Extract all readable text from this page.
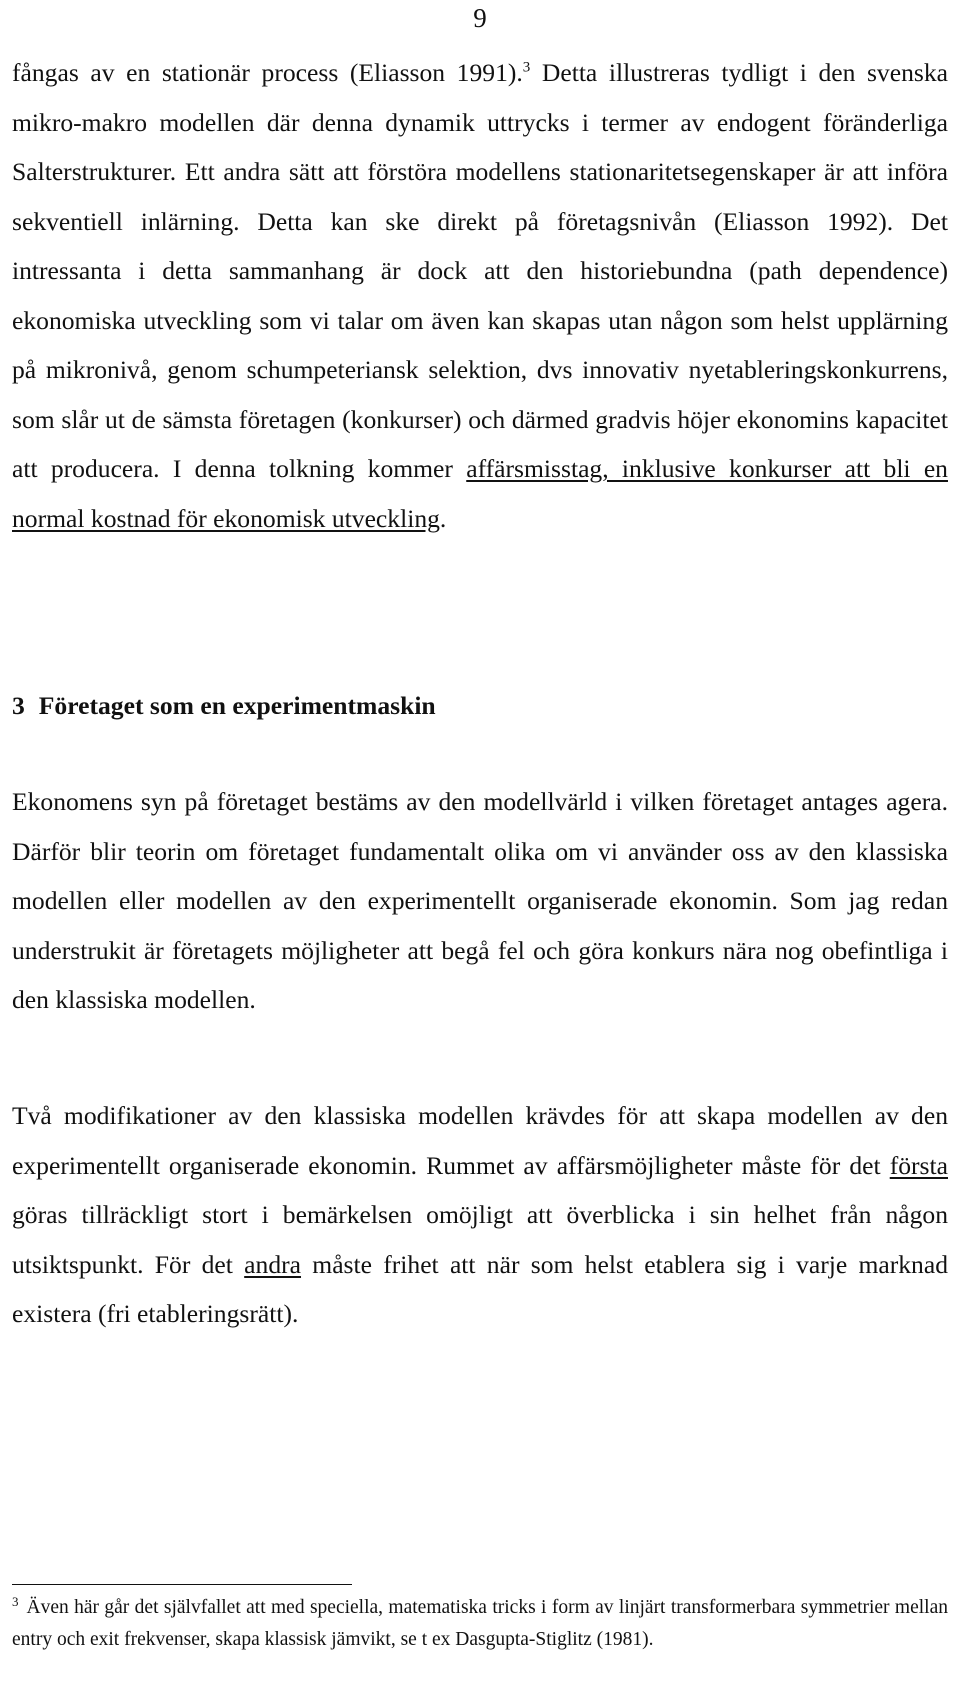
9

fångas av en stationär process (Eliasson 1991).$^3$ Detta illustreras tydligt i den svenska mikro-makro modellen där denna dynamik uttrycks i termer av endogent föränderliga Salterstrukturer. Ett andra sätt att förstöra modellens stationaritetsegenskaper är att införa sekventiell inlärning. Detta kan ske direkt på företagsnivån (Eliasson 1992). Det intressanta i detta sammanhang är dock att den historiebundna (path dependence) ekonomiska utveckling som vi talar om även kan skapas utan någon som helst upplärning på mikronivå, genom schumpeteriansk selektion, dvs innovativ nyetableringskonkurrens, som slår ut de sämsta företagen (konkurser) och därmed gradvis höjer ekonomins kapacitet att producera. I denna tolkning kommer affärsmisstag, inklusive konkurser att bli en normal kostnad för ekonomisk utveckling.

3 Företaget som en experimentmaskin

Ekonomens syn på företaget bestäms av den modellvärld i vilken företaget antages agera. Därför blir teorin om företaget fundamentalt olika om vi använder oss av den klassiska modellen eller modellen av den experimentellt organiserade ekonomin. Som jag redan understrukit är företagets möjligheter att begå fel och göra konkurs nära nog obefintliga i den klassiska modellen.

Två modifikationer av den klassiska modellen krävdes för att skapa modellen av den experimentellt organiserade ekonomin. Rummet av affärsmöjligheter måste för det första göras tillräckligt stort i bemärkelsen omöjligt att överblicka i sin helhet från någon utsiktspunkt. För det andra måste frihet att när som helst etablera sig i varje marknad existera (fri etableringsrätt).

$^3$ Även här går det självfallet att med speciella, matematiska tricks i form av linjärt transformerbara symmetrier mellan entry och exit frekvenser, skapa klassisk jämvikt, se t ex Dasgupta-Stiglitz (1981).
